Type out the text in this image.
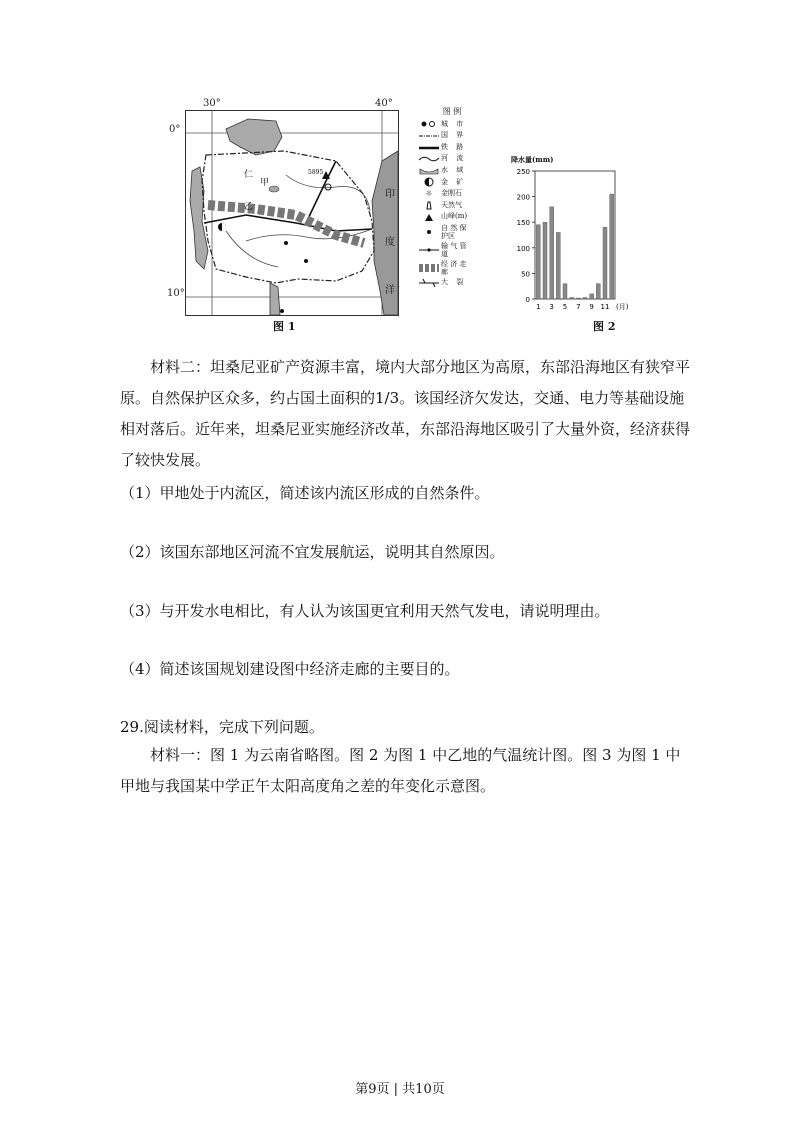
30°	40°
0°
10°
甲
乙
仁	5895
印
度
洋
图 例
城 市
国 界
铁 路
河 流
水 域
金 矿
☼	金刚石
天然气
山峰(m)
自 然 保护区
输 气 管 道
经 济 走 廊
大 裂
图 1
降水量(mm)
0
50
100
150
200
250
1 3 5 7 9 11 (月)
图 2

材料二：坦桑尼亚矿产资源丰富，境内大部分地区为高原，东部沿海地区有狭窄平原。自然保护区众多，约占国土面积的1/3。该国经济欠发达，交通、电力等基础设施相对落后。近年来，坦桑尼亚实施经济改革，东部沿海地区吸引了大量外资，经济获得了较快发展。

（1）甲地处于内流区，简述该内流区形成的自然条件。
（2）该国东部地区河流不宜发展航运，说明其自然原因。
（3）与开发水电相比，有人认为该国更宜利用天然气发电，请说明理由。
（4）简述该国规划建设图中经济走廊的主要目的。
29.阅读材料，完成下列问题。

材料一：图 1 为云南省略图。图 2 为图 1 中乙地的气温统计图。图 3 为图 1 中甲地与我国某中学正午太阳高度角之差的年变化示意图。

第9页 | 共10页
